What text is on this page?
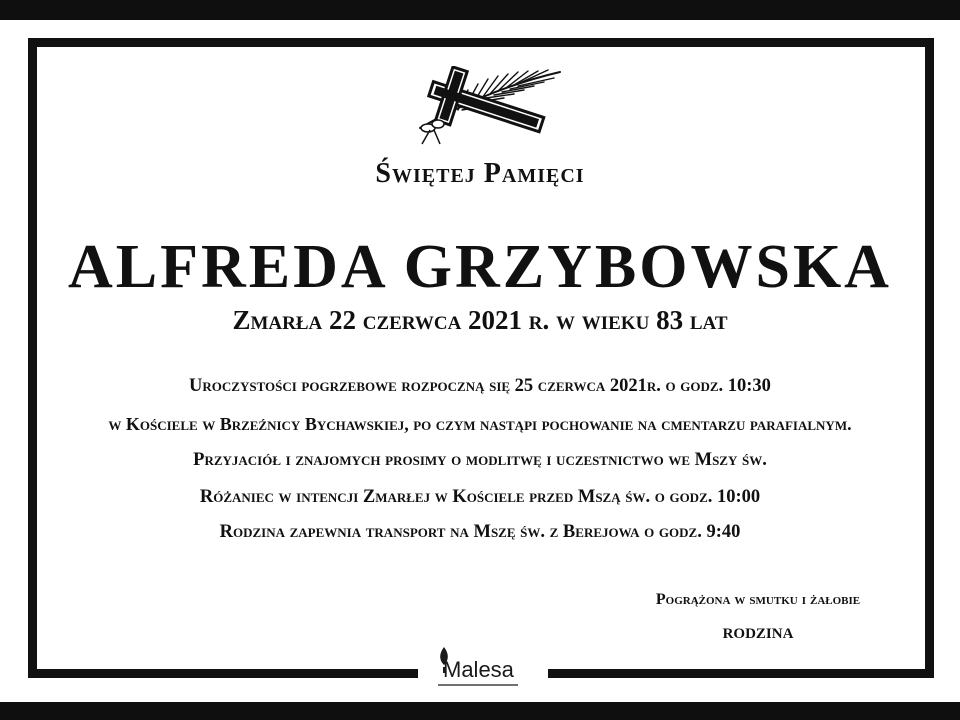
Świętej Pamięci
ALFREDA GRZYBOWSKA
Zmarła 22 czerwca 2021 r. w wieku 83 lat
Uroczystości pogrzebowe rozpoczną się 25 czerwca 2021r. o godz. 10:30
w Kościele w Brzeźnicy Bychawskiej, po czym nastąpi pochowanie na cmentarzu parafialnym.
Przyjaciół i znajomych prosimy o modlitwę i uczestnictwo we Mszy św.
Różaniec w intencji Zmarłej w Kościele przed Mszą św. o godz. 10:00
Rodzina zapewnia transport na Mszę św. z Berejowa o godz. 9:40
Pogrążona w smutku i żałobie
RODZINA
Malesa
